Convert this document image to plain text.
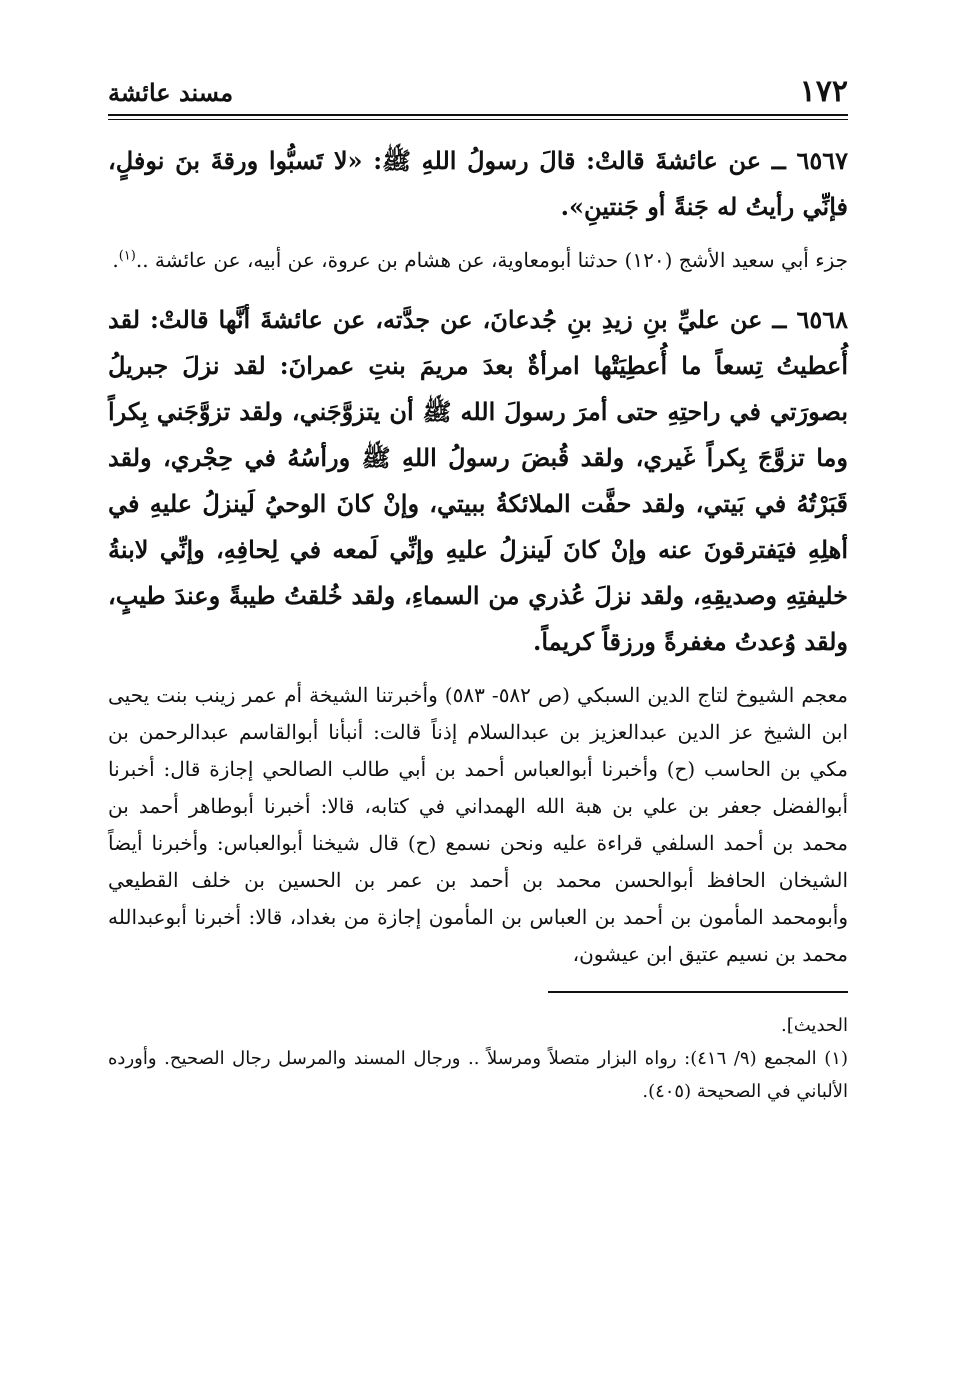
١٧٢
مسند عائشة

٦٥٦٧ ــ عن عائشةَ قالتْ: قالَ رسولُ اللهِ ﷺ: «لا تَسبُّوا ورقةَ بنَ نوفلٍ، فإنِّي رأيتُ له جَنةً أو جَنتينِ».

جزء أبي سعيد الأشج (١٢٠) حدثنا أبومعاوية، عن هشام بن عروة، عن أبيه، عن عائشة ..$^{(١)}$.

٦٥٦٨ ــ عن عليِّ بنِ زيدِ بنِ جُدعانَ، عن جدَّته، عن عائشةَ أنَّها قالتْ: لقد أُعطيتُ تِسعاً ما أُعطِيَتْها امرأةٌ بعدَ مريمَ بنتِ عمرانَ: لقد نزلَ جبريلُ بصورَتي في راحتِهِ حتى أمرَ رسولَ الله ﷺ أن يتزوَّجَني، ولقد تزوَّجَني بِكراً وما تزوَّجَ بِكراً غَيري، ولقد قُبضَ رسولُ اللهِ ﷺ ورأسُهُ في حِجْري، ولقد قَبَرْتُهُ في بَيتي، ولقد حفَّت الملائكةُ ببيتي، وإنْ كانَ الوحيُ لَينزلُ عليهِ في أهلِهِ فيَفترقونَ عنه وإنْ كانَ لَينزلُ عليهِ وإنِّي لَمعه في لِحافِهِ، وإنِّي لابنةُ خليفتِهِ وصديقِهِ، ولقد نزلَ عُذري من السماءِ، ولقد خُلقتُ طيبةً وعندَ طيبٍ، ولقد وُعدتُ مغفرةً ورزقاً كريماً.

معجم الشيوخ لتاج الدين السبكي (ص ٥٨٢- ٥٨٣) وأخبرتنا الشيخة أم عمر زينب بنت يحيى ابن الشيخ عز الدين عبدالعزيز بن عبدالسلام إذناً قالت: أنبأنا أبوالقاسم عبدالرحمن بن مكي بن الحاسب (ح) وأخبرنا أبوالعباس أحمد بن أبي طالب الصالحي إجازة قال: أخبرنا أبوالفضل جعفر بن علي بن هبة الله الهمداني في كتابه، قالا: أخبرنا أبوطاهر أحمد بن محمد بن أحمد السلفي قراءة عليه ونحن نسمع (ح) قال شيخنا أبوالعباس: وأخبرنا أيضاً الشيخان الحافظ أبوالحسن محمد بن أحمد بن عمر بن الحسين بن خلف القطيعي وأبومحمد المأمون بن أحمد بن العباس بن المأمون إجازة من بغداد، قالا: أخبرنا أبوعبدالله محمد بن نسيم عتيق ابن عيشون،

الحديث].

(١) المجمع (٩/ ٤١٦): رواه البزار متصلاً ومرسلاً .. ورجال المسند والمرسل رجال الصحيح. وأورده الألباني في الصحيحة (٤٠٥).
